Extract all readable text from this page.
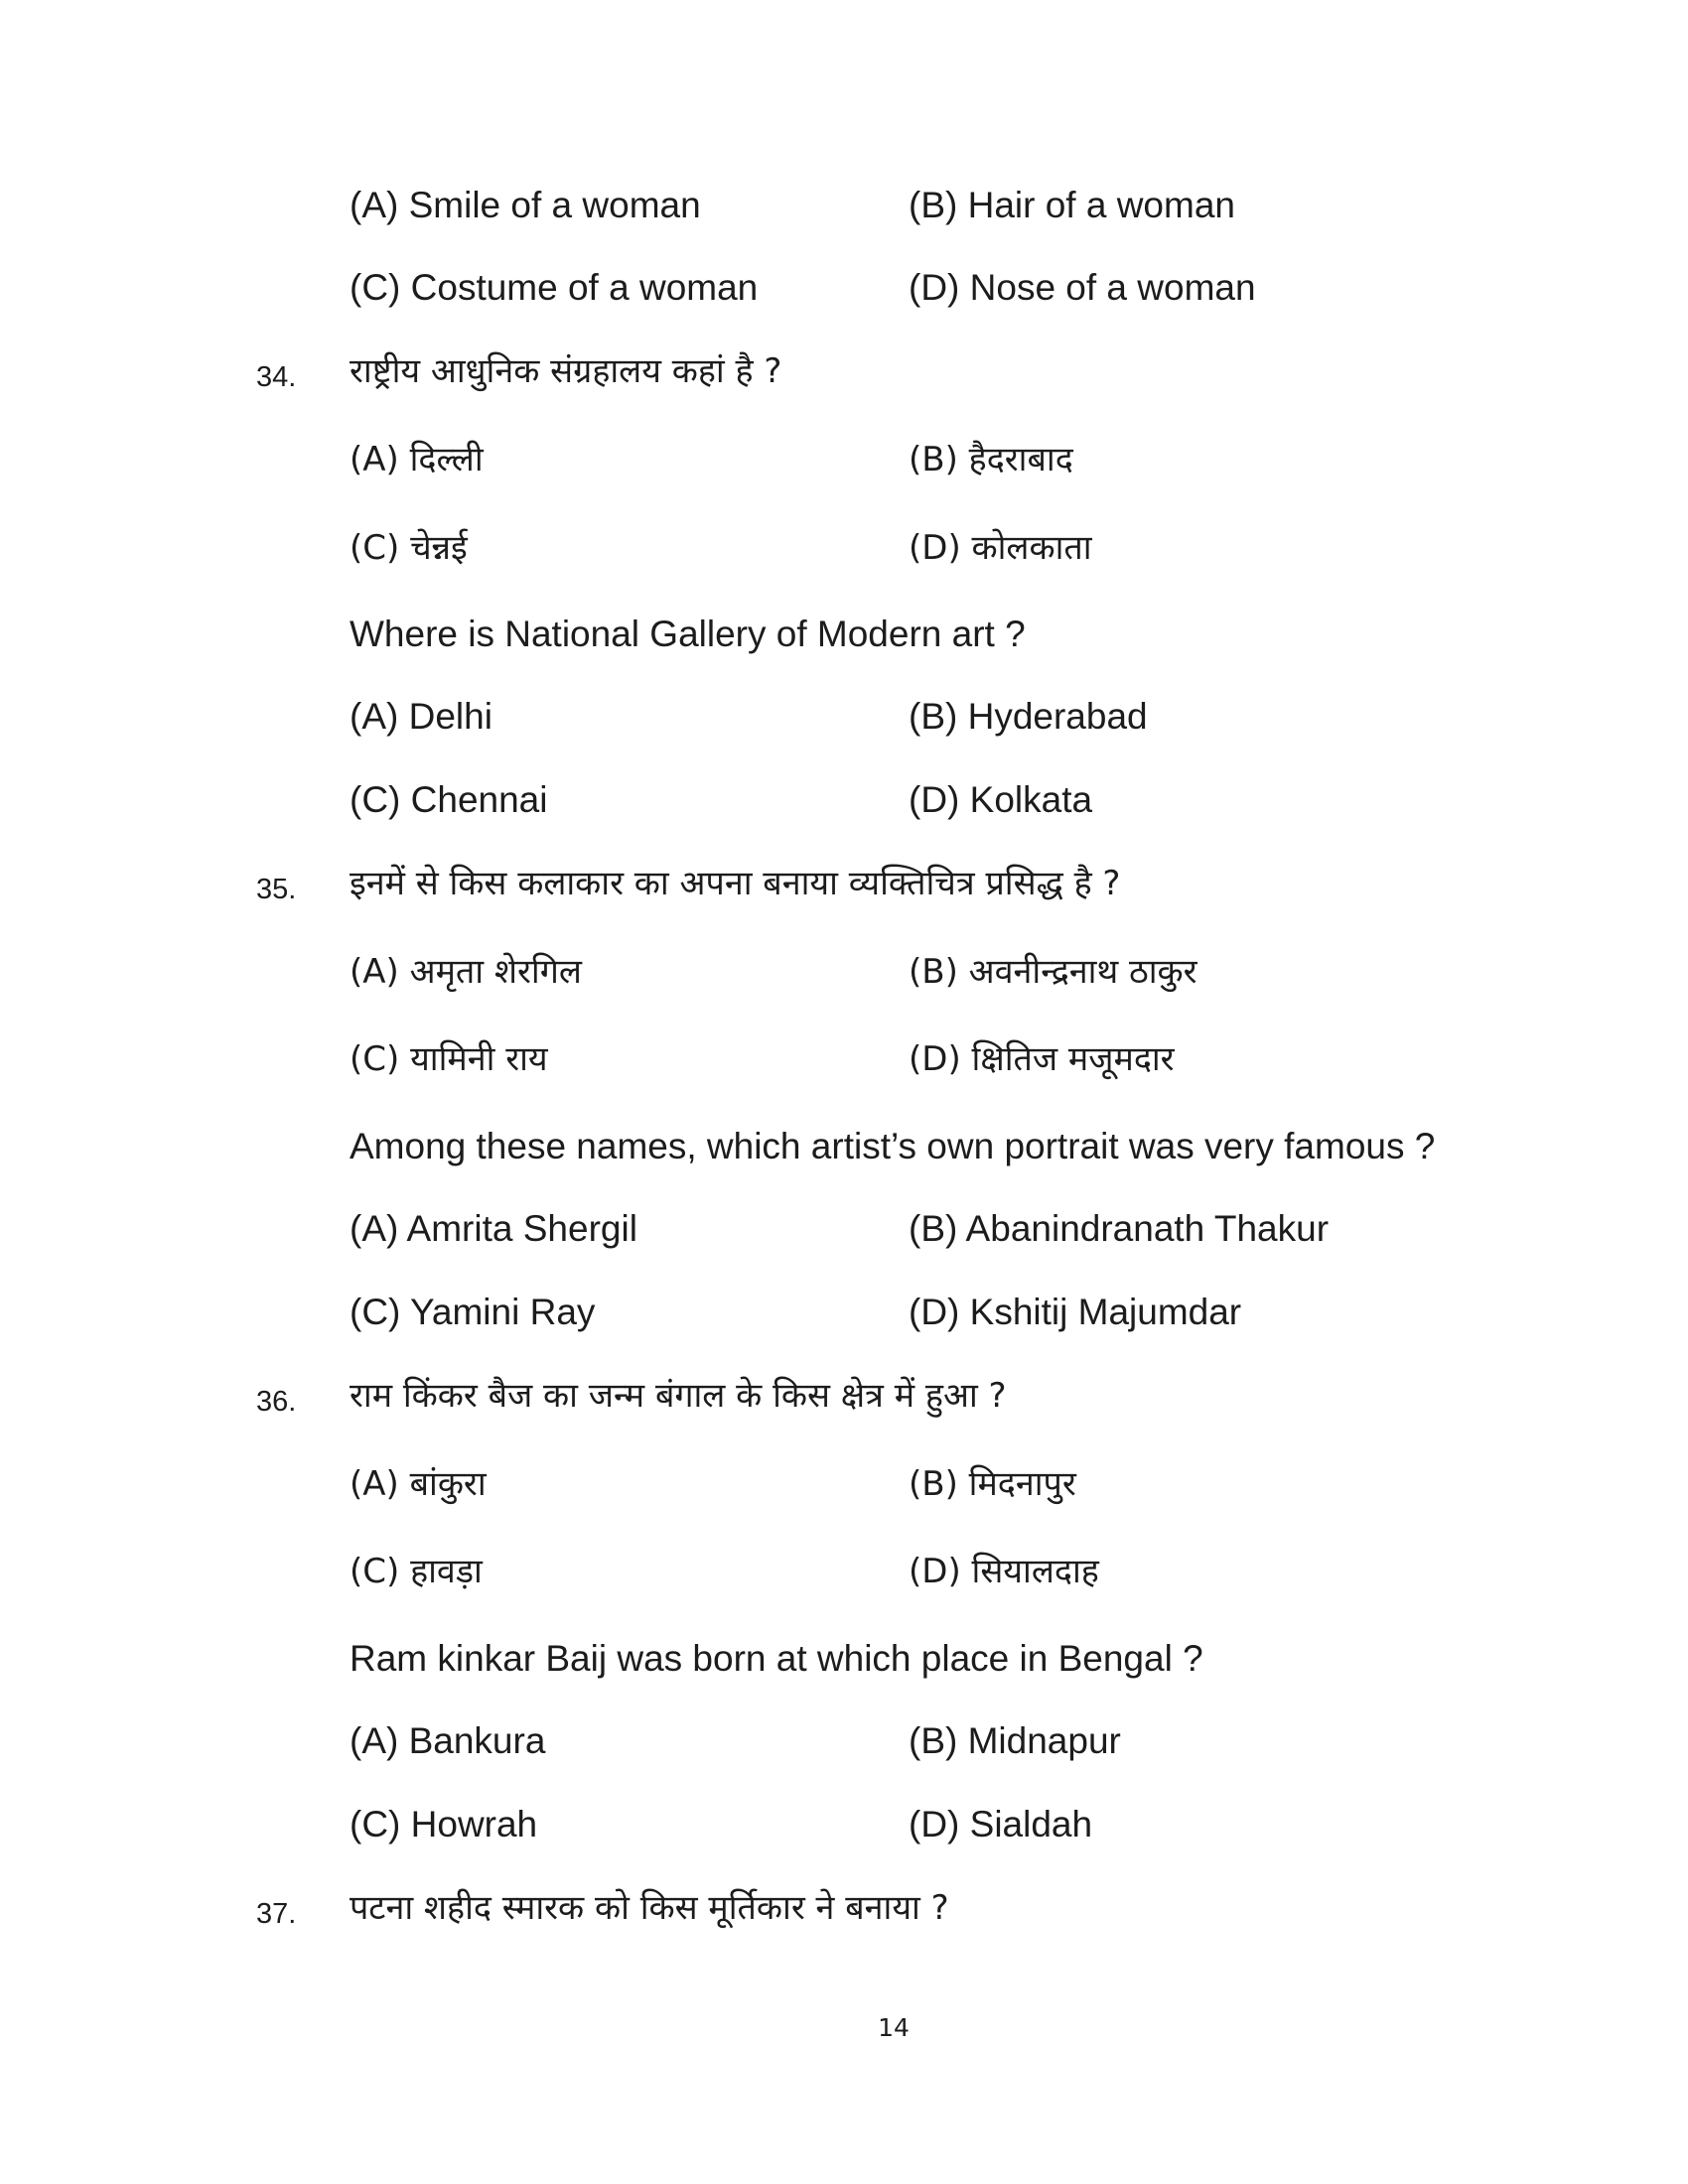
(A) Smile of a woman	(B) Hair of a woman
(C) Costume of a woman	(D) Nose of a woman
34. राष्ट्रीय आधुनिक संग्रहालय कहां है ?
(A) दिल्ली	(B) हैदराबाद
(C) चेन्नई	(D) कोलकाता
Where is National Gallery of Modern art ?
(A) Delhi	(B) Hyderabad
(C) Chennai	(D) Kolkata
35. इनमें से किस कलाकार का अपना बनाया व्यक्तिचित्र प्रसिद्ध है ?
(A) अमृता शेरगिल	(B) अवनीन्द्रनाथ ठाकुर
(C) यामिनी राय	(D) क्षितिज मजूमदार
Among these names, which artist’s own portrait was very famous ?
(A) Amrita Shergil	(B) Abanindranath Thakur
(C) Yamini Ray	(D) Kshitij Majumdar
36. राम किंकर बैज का जन्म बंगाल के किस क्षेत्र में हुआ ?
(A) बांकुरा	(B) मिदनापुर
(C) हावड़ा	(D) सियालदाह
Ram kinkar Baij was born at which place in Bengal ?
(A) Bankura	(B) Midnapur
(C) Howrah	(D) Sialdah
37. पटना शहीद स्मारक को किस मूर्तिकार ने बनाया ?
14
